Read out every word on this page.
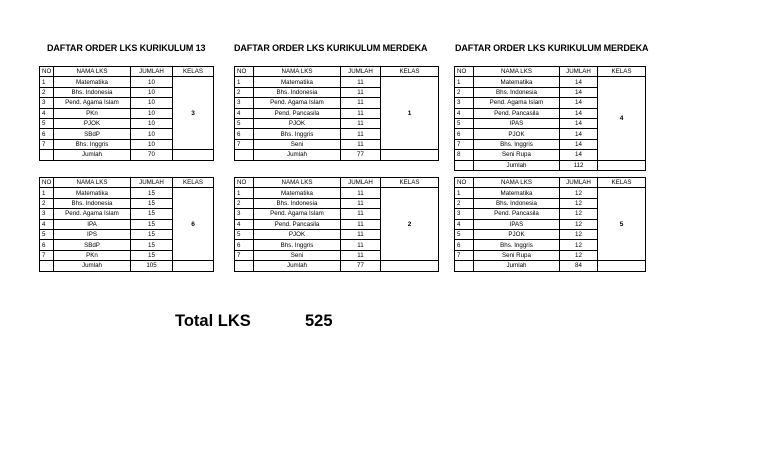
DAFTAR ORDER LKS KURIKULUM 13	DAFTAR ORDER LKS KURIKULUM MERDEKA	DAFTAR ORDER LKS KURIKULUM MERDEKA
NO	NAMA LKS	JUMLAH	KELAS
1	Matematika	10	3
2	Bhs. Indonesia	10	
3	Pend. Agama Islam	10	
4	PKn	10	
5	PJOK	10	
6	SBdP	10	
7	Bhs. Inggris	10	
	Jumlah	70	
NO	NAMA LKS	JUMLAH	KELAS
1	Matematika	15	6
2	Bhs. Indonesia	15	
3	Pend. Agama Islam	15	
4	IPA	15	
5	IPS	15	
6	SBdP	15	
7	PKn	15	
	Jumlah	105	
NO	NAMA LKS	JUMLAH	KELAS
1	Matematika	11	1
2	Bhs. Indonesia	11	
3	Pend. Agama Islam	11	
4	Pend. Pancasila	11	
5	PJOK	11	
6	Bhs. Inggris	11	
7	Seni	11	
	Jumlah	77	
NO	NAMA LKS	JUMLAH	KELAS
1	Matematika	11	2
2	Bhs. Indonesia	11	
3	Pend. Agama Islam	11	
4	Pend. Pancasila	11	
5	PJOK	11	
6	Bhs. Inggris	11	
7	Seni	11	
	Jumlah	77	
NO	NAMA LKS	JUMLAH	KELAS
1	Matematika	14	4
2	Bhs. Indonesia	14	
3	Pend. Agama Islam	14	
4	Pend. Pancasila	14	
5	IPAS	14	
6	PJOK	14	
7	Bhs. Inggris	14	
8	Seni Rupa	14	
	Jumlah	112	
NO	NAMA LKS	JUMLAH	KELAS
1	Matematika	12	5
2	Bhs. Indonesia	12	
3	Pend. Pancasila	12	
4	IPAS	12	
5	PJOK	12	
6	Bhs. Inggris	12	
7	Seni Rupa	12	
	Jumlah	84	
Total LKS	525
